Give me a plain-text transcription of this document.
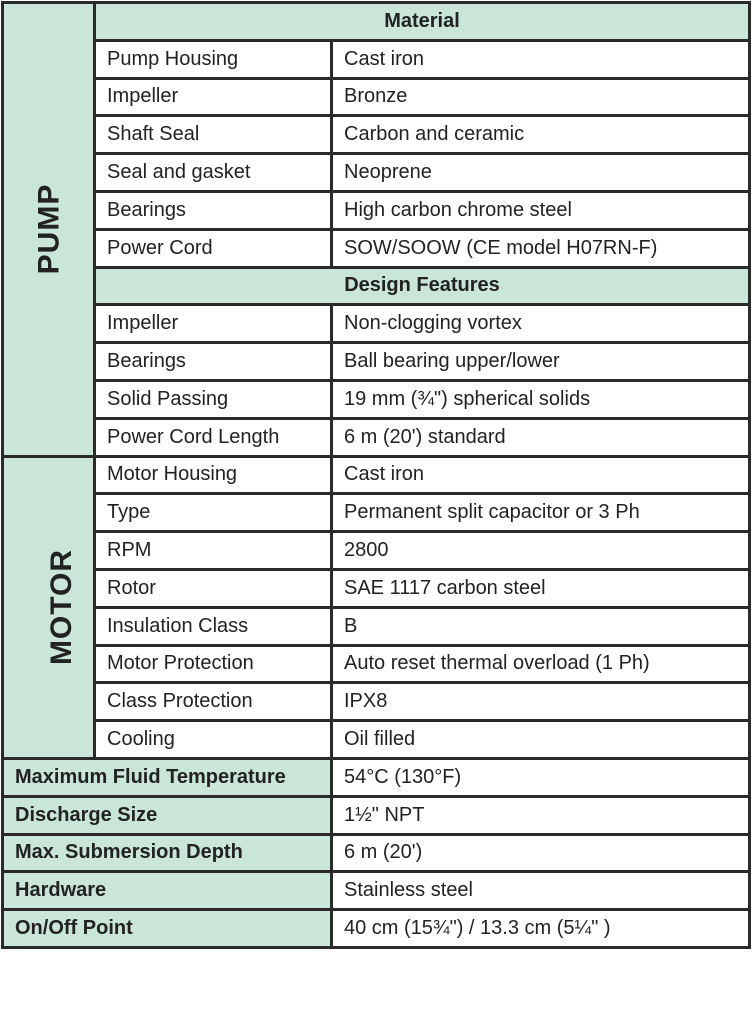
PUMP	Material	
	Pump Housing	Cast iron
	Impeller	Bronze
	Shaft Seal	Carbon and ceramic
	Seal and gasket	Neoprene
	Bearings	High carbon chrome steel
	Power Cord	SOW/SOOW (CE model H07RN-F)
	Design Features	
	Impeller	Non-clogging vortex
	Bearings	Ball bearing upper/lower
	Solid Passing	19 mm (¾") spherical solids
	Power Cord Length	6 m (20') standard
MOTOR	Motor Housing	Cast iron
	Type	Permanent split capacitor or 3 Ph
	RPM	2800
	Rotor	SAE 1117 carbon steel
	Insulation Class	B
	Motor Protection	Auto reset thermal overload (1 Ph)
	Class Protection	IPX8
	Cooling	Oil filled
Maximum Fluid Temperature		54°C (130°F)
Discharge Size		1½" NPT
Max. Submersion Depth		6 m (20')
Hardware		Stainless steel
On/Off Point		40 cm (15¾") / 13.3 cm (5¼" )
